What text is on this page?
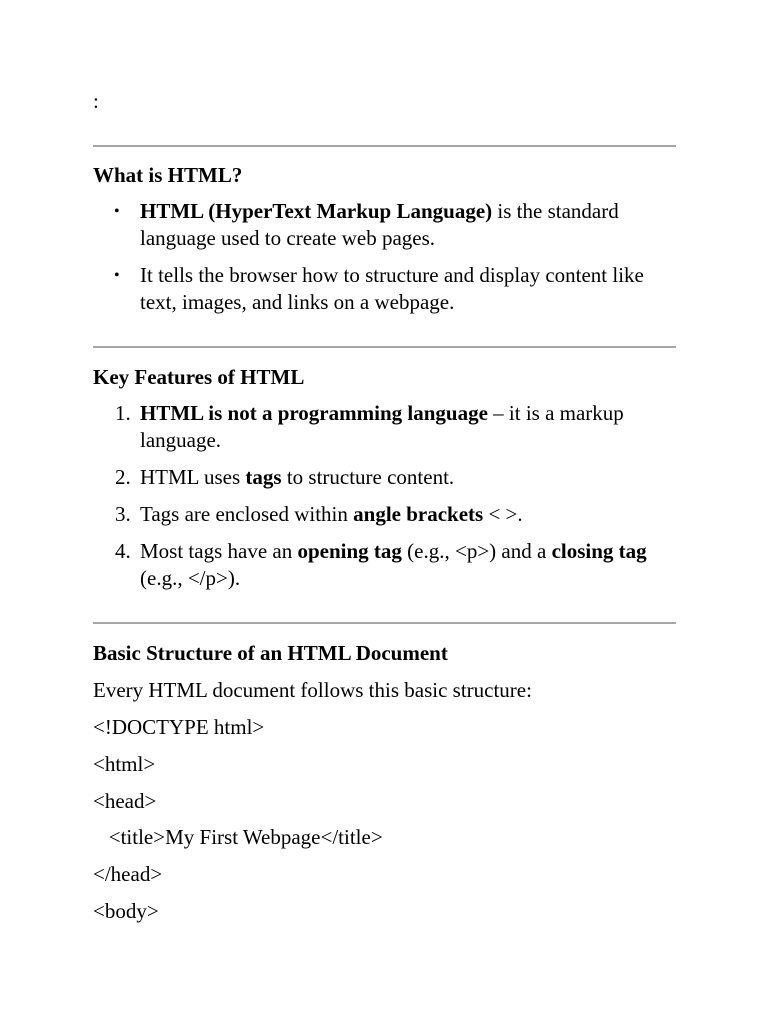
:
What is HTML?
• HTML (HyperText Markup Language) is the standard language used to create web pages.
• It tells the browser how to structure and display content like text, images, and links on a webpage.
Key Features of HTML
1. HTML is not a programming language – it is a markup language.
2. HTML uses tags to structure content.
3. Tags are enclosed within angle brackets < >.
4. Most tags have an opening tag (e.g., <p>) and a closing tag (e.g., </p>).
Basic Structure of an HTML Document
Every HTML document follows this basic structure:
<!DOCTYPE html>
<html>
<head>
<title>My First Webpage</title>
</head>
<body>
